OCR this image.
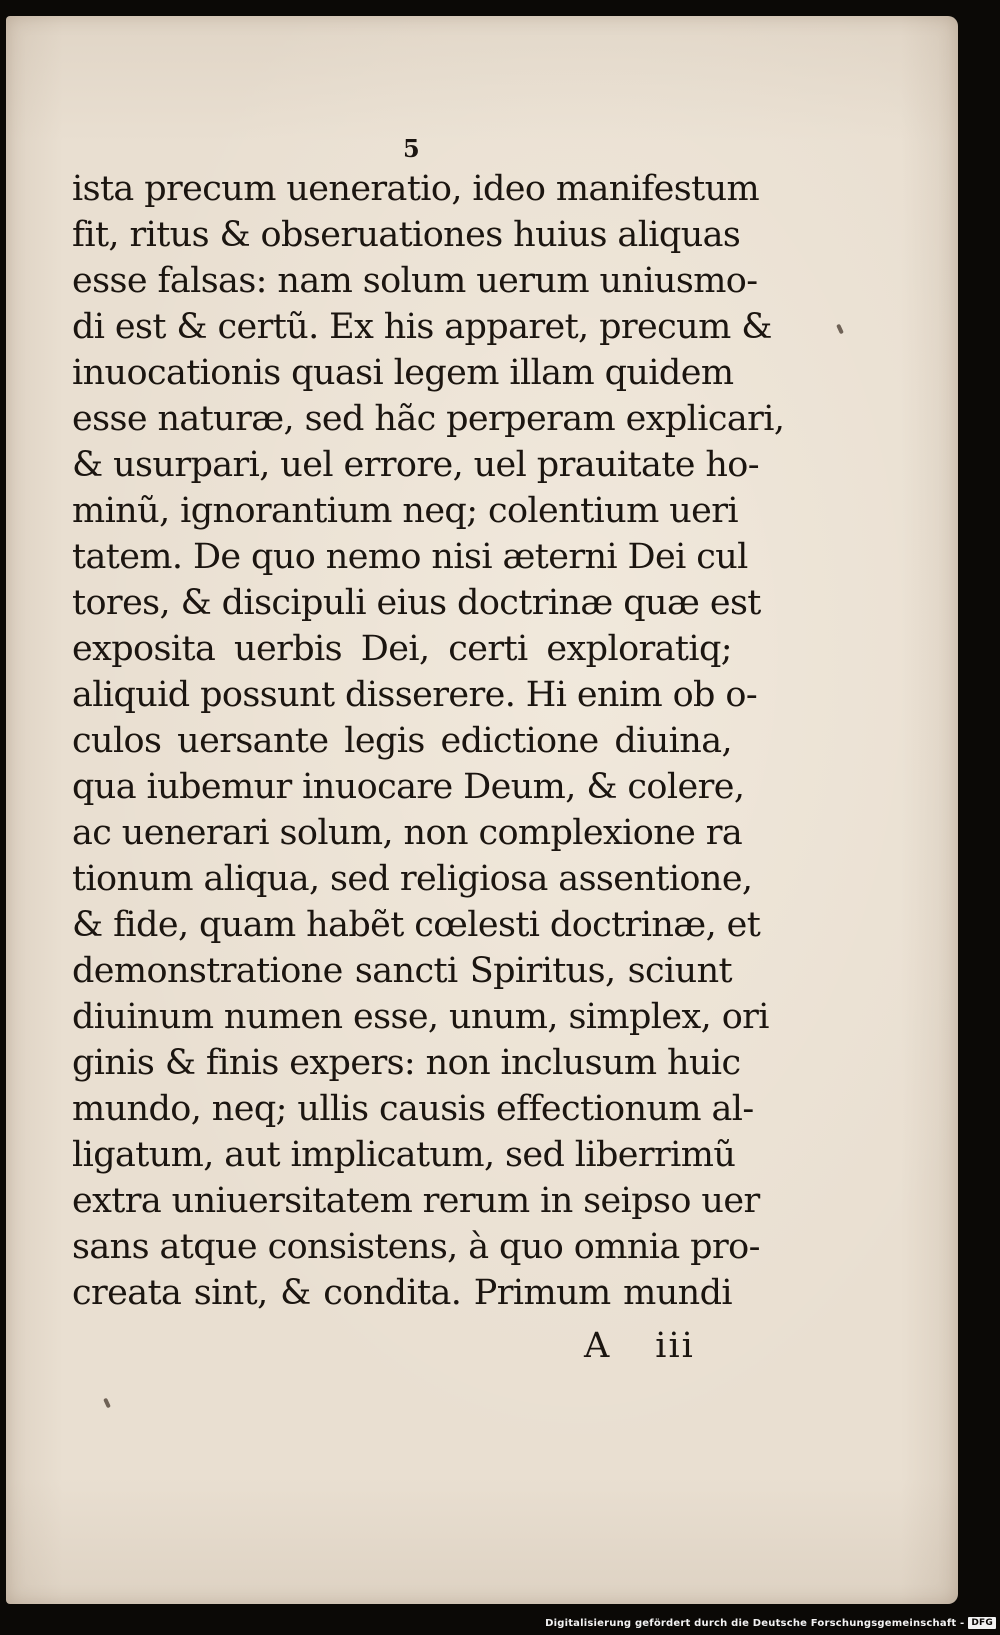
5
ista precum ueneratio, ideo manifestum
fit, ritus & obseruationes huius aliquas
esse falsas: nam solum uerum uniusmo-
di est & certũ. Ex his apparet, precum &
inuocationis quasi legem illam quidem
esse naturæ, sed hãc perperam explicari,
& usurpari, uel errore, uel prauitate ho-
minũ, ignorantium neq; colentium ueri
tatem. De quo nemo nisi æterni Dei cul
tores, & discipuli eius doctrinæ quæ est
exposita uerbis Dei, certi exploratiq;
aliquid possunt disserere. Hi enim ob o-
culos uersante legis edictione diuina,
qua iubemur inuocare Deum, & colere,
ac uenerari solum, non complexione ra
tionum aliqua, sed religiosa assentione,
& fide, quam habẽt cœlesti doctrinæ, et
demonstratione sancti Spiritus, sciunt
diuinum numen esse, unum, simplex, ori
ginis & finis expers: non inclusum huic
mundo, neq; ullis causis effectionum al-
ligatum, aut implicatum, sed liberrimũ
extra uniuersitatem rerum in seipso uer
sans atque consistens, à quo omnia pro-
creata sint, & condita. Primum mundi
A iii
Digitalisierung gefördert durch die Deutsche Forschungsgemeinschaft - DFG
